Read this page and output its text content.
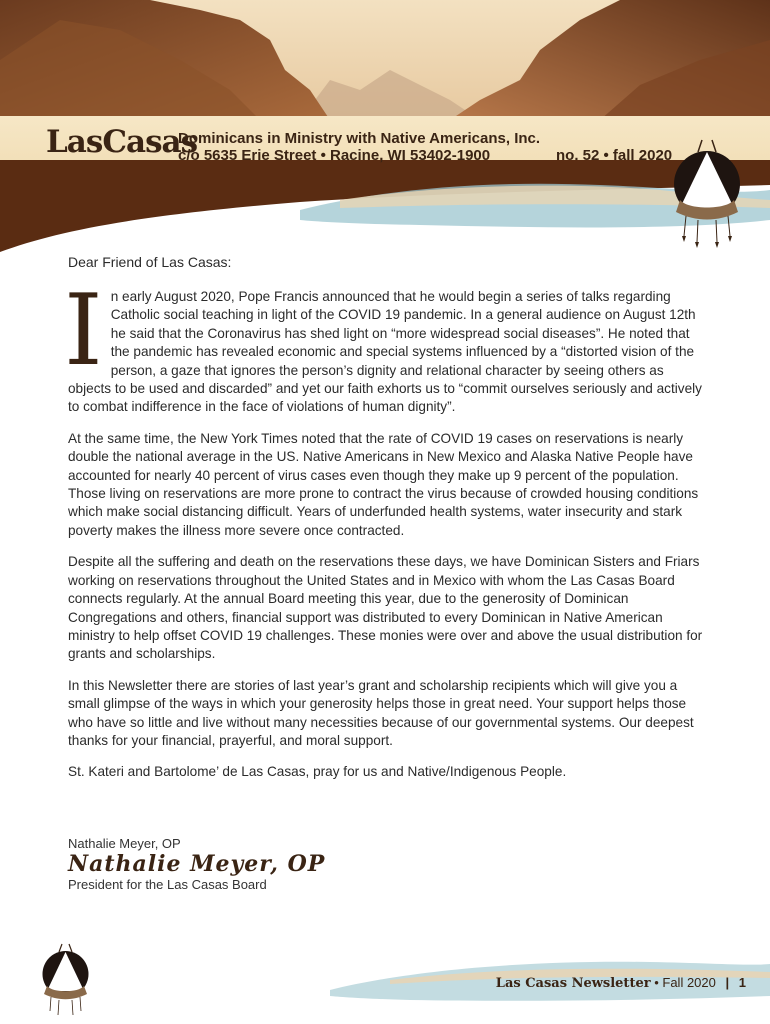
LasCasas
Dominicans in Ministry with Native Americans, Inc.
c/o 5635 Erie Street • Racine, WI 53402-1900	no. 52 • fall 2020
Dear Friend of Las Casas:

In early August 2020, Pope Francis announced that he would begin a series of talks regarding Catholic social teaching in light of the COVID 19 pandemic. In a general audience on August 12th he said that the Coronavirus has shed light on “more widespread social diseases”. He noted that the pandemic has revealed economic and special systems influenced by a “distorted vision of the person, a gaze that ignores the person’s dignity and relational character by seeing others as objects to be used and discarded” and yet our faith exhorts us to “commit ourselves seriously and actively to combat indifference in the face of violations of human dignity”.

At the same time, the New York Times noted that the rate of COVID 19 cases on reservations is nearly double the national average in the US. Native Americans in New Mexico and Alaska Native People have accounted for nearly 40 percent of virus cases even though they make up 9 percent of the population. Those living on reservations are more prone to contract the virus because of crowded housing conditions which make social distancing difficult. Years of underfunded health systems, water insecurity and stark poverty makes the illness more severe once contracted.

Despite all the suffering and death on the reservations these days, we have Dominican Sisters and Friars working on reservations throughout the United States and in Mexico with whom the Las Casas Board connects regularly. At the annual Board meeting this year, due to the generosity of Dominican Congregations and others, financial support was distributed to every Dominican in Native American ministry to help offset COVID 19 challenges. These monies were over and above the usual distribution for grants and scholarships.

In this Newsletter there are stories of last year’s grant and scholarship recipients which will give you a small glimpse of the ways in which your generosity helps those in great need. Your support helps those who have so little and live without many necessities because of our governmental systems. Our deepest thanks for your financial, prayerful, and moral support.

St. Kateri and Bartolome’ de Las Casas, pray for us and Native/Indigenous People.

Nathalie Meyer, OP
Nathalie Meyer, OP
President for the Las Casas Board
Las Casas Newsletter • Fall 2020 | 1
